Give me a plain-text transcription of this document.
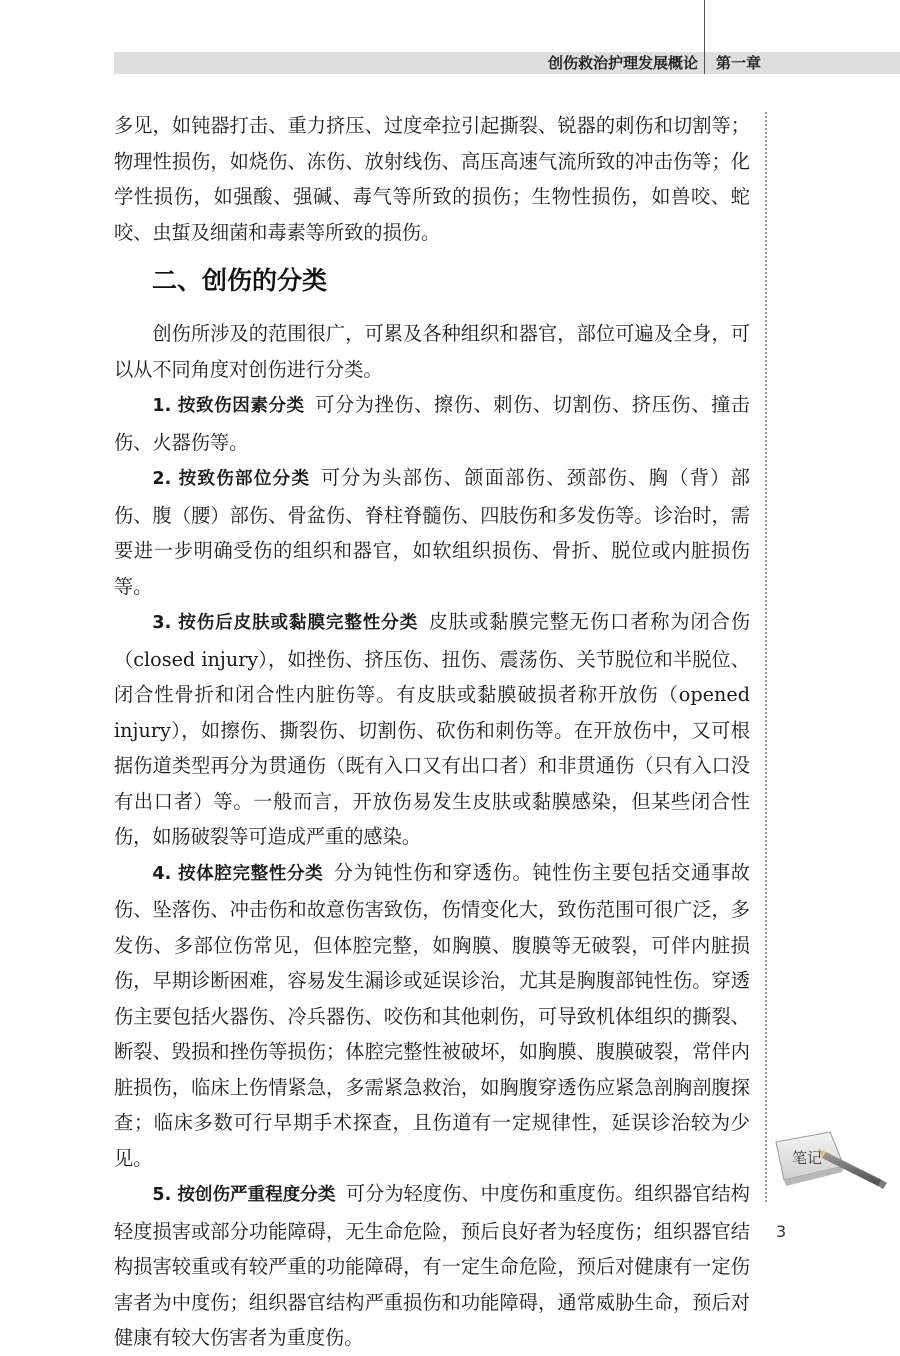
创伤救治护理发展概论 第一章

多见，如钝器打击、重力挤压、过度牵拉引起撕裂、锐器的刺伤和切割等；物理性损伤，如烧伤、冻伤、放射线伤、高压高速气流所致的冲击伤等；化学性损伤，如强酸、强碱、毒气等所致的损伤；生物性损伤，如兽咬、蛇咬、虫蜇及细菌和毒素等所致的损伤。

二、创伤的分类

创伤所涉及的范围很广，可累及各种组织和器官，部位可遍及全身，可以从不同角度对创伤进行分类。

1. 按致伤因素分类 可分为挫伤、擦伤、刺伤、切割伤、挤压伤、撞击伤、火器伤等。

2. 按致伤部位分类 可分为头部伤、颌面部伤、颈部伤、胸（背）部伤、腹（腰）部伤、骨盆伤、脊柱脊髓伤、四肢伤和多发伤等。诊治时，需要进一步明确受伤的组织和器官，如软组织损伤、骨折、脱位或内脏损伤等。

3. 按伤后皮肤或黏膜完整性分类 皮肤或黏膜完整无伤口者称为闭合伤（closed injury），如挫伤、挤压伤、扭伤、震荡伤、关节脱位和半脱位、闭合性骨折和闭合性内脏伤等。有皮肤或黏膜破损者称开放伤（opened injury），如擦伤、撕裂伤、切割伤、砍伤和刺伤等。在开放伤中，又可根据伤道类型再分为贯通伤（既有入口又有出口者）和非贯通伤（只有入口没有出口者）等。一般而言，开放伤易发生皮肤或黏膜感染，但某些闭合性伤，如肠破裂等可造成严重的感染。

4. 按体腔完整性分类 分为钝性伤和穿透伤。钝性伤主要包括交通事故伤、坠落伤、冲击伤和故意伤害致伤，伤情变化大，致伤范围可很广泛，多发伤、多部位伤常见，但体腔完整，如胸膜、腹膜等无破裂，可伴内脏损伤，早期诊断困难，容易发生漏诊或延误诊治，尤其是胸腹部钝性伤。穿透伤主要包括火器伤、冷兵器伤、咬伤和其他刺伤，可导致机体组织的撕裂、断裂、毁损和挫伤等损伤；体腔完整性被破坏，如胸膜、腹膜破裂，常伴内脏损伤，临床上伤情紧急，多需紧急救治，如胸腹穿透伤应紧急剖胸剖腹探查；临床多数可行早期手术探查，且伤道有一定规律性，延误诊治较为少见。

5. 按创伤严重程度分类 可分为轻度伤、中度伤和重度伤。组织器官结构轻度损害或部分功能障碍，无生命危险，预后良好者为轻度伤；组织器官结构损害较重或有较严重的功能障碍，有一定生命危险，预后对健康有一定伤害者为中度伤；组织器官结构严重损伤和功能障碍，通常威胁生命，预后对健康有较大伤害者为重度伤。

笔记
3
